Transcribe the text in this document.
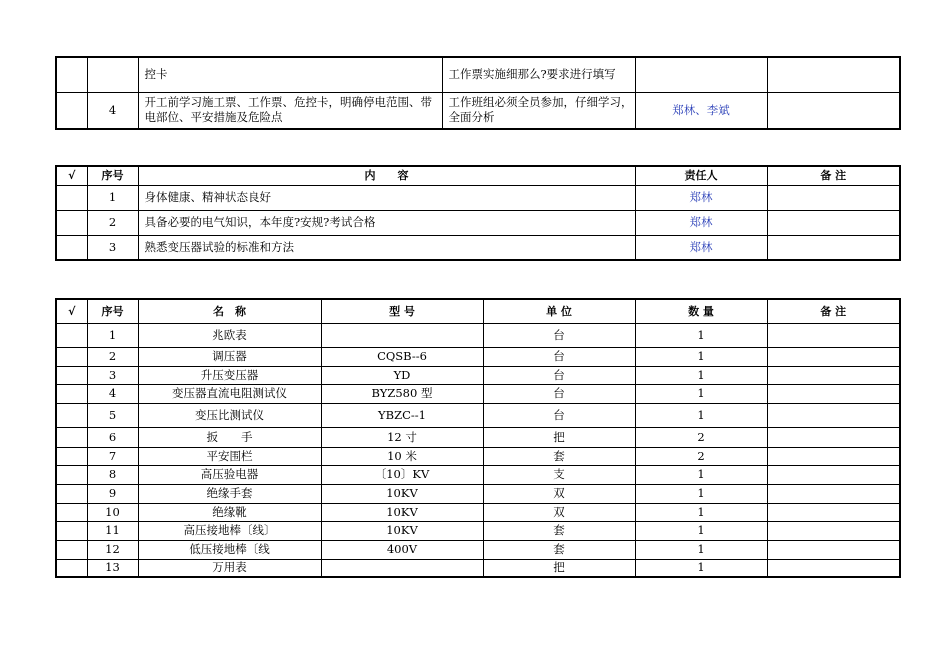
		控卡	工作票实施细那么?要求进行填写		
	4	开工前学习施工票、工作票、危控卡，明确停电范围、带电部位、平安措施及危险点	工作班组必须全员参加，仔细学习，全面分析	郑林、李斌	
√	序号	内　　容	责任人	备 注
	1	身体健康、精神状态良好	郑林	
	2	具备必要的电气知识，本年度?安规?考试合格	郑林	
	3	熟悉变压器试验的标准和方法	郑林	
√	序号	名　称	型 号	单 位	数 量	备 注
	1	兆欧表		台	1	
	2	调压器	CQSB--6	台	1	
	3	升压变压器	YD	台	1	
	4	变压器直流电阻测试仪	BYZ580 型	台	1	
	5	变压比测试仪	YBZC--1	台	1	
	6	扳　　手	12 寸	把	2	
	7	平安围栏	10 米	套	2	
	8	高压验电器	〔10〕KV	支	1	
	9	绝缘手套	10KV	双	1	
	10	绝缘靴	10KV	双	1	
	11	高压接地棒〔线〕	10KV	套	1	
	12	低压接地棒〔线	400V	套	1	
	13	万用表		把	1	
